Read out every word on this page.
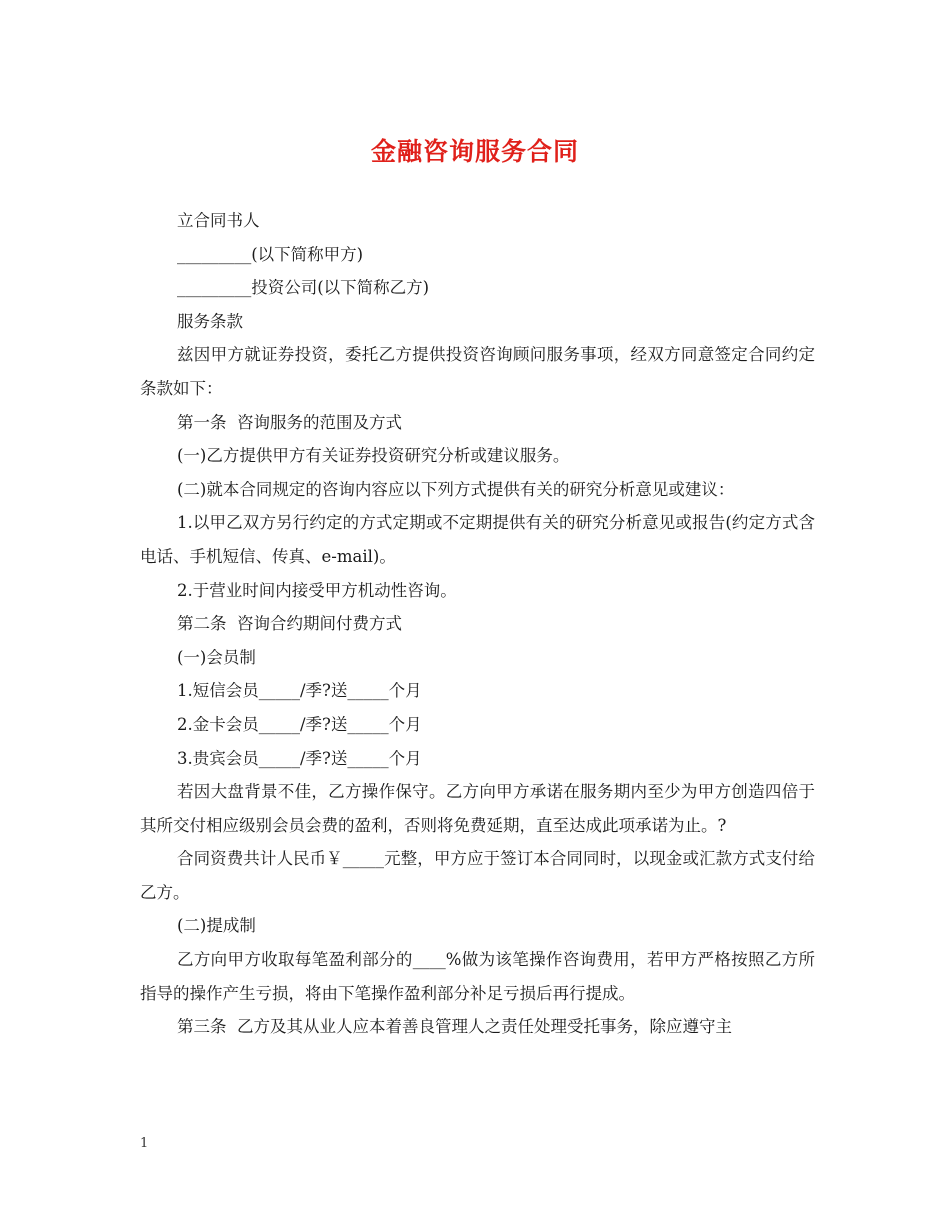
金融咨询服务合同

立合同书人

_________(以下简称甲方)

_________投资公司(以下简称乙方)

服务条款

兹因甲方就证券投资，委托乙方提供投资咨询顾问服务事项，经双方同意签定合同约定条款如下：

第一条  咨询服务的范围及方式

(一)乙方提供甲方有关证券投资研究分析或建议服务。

(二)就本合同规定的咨询内容应以下列方式提供有关的研究分析意见或建议：

1.以甲乙双方另行约定的方式定期或不定期提供有关的研究分析意见或报告(约定方式含电话、手机短信、传真、e-mail)。

2.于营业时间内接受甲方机动性咨询。

第二条  咨询合约期间付费方式

(一)会员制

1.短信会员_____/季?送_____个月

2.金卡会员_____/季?送_____个月

3.贵宾会员_____/季?送_____个月

若因大盘背景不佳，乙方操作保守。乙方向甲方承诺在服务期内至少为甲方创造四倍于其所交付相应级别会员会费的盈利，否则将免费延期，直至达成此项承诺为止。?

合同资费共计人民币￥_____元整，甲方应于签订本合同同时，以现金或汇款方式支付给乙方。

(二)提成制

乙方向甲方收取每笔盈利部分的____%做为该笔操作咨询费用，若甲方严格按照乙方所指导的操作产生亏损，将由下笔操作盈利部分补足亏损后再行提成。

第三条  乙方及其从业人应本着善良管理人之责任处理受托事务，除应遵守主

1
